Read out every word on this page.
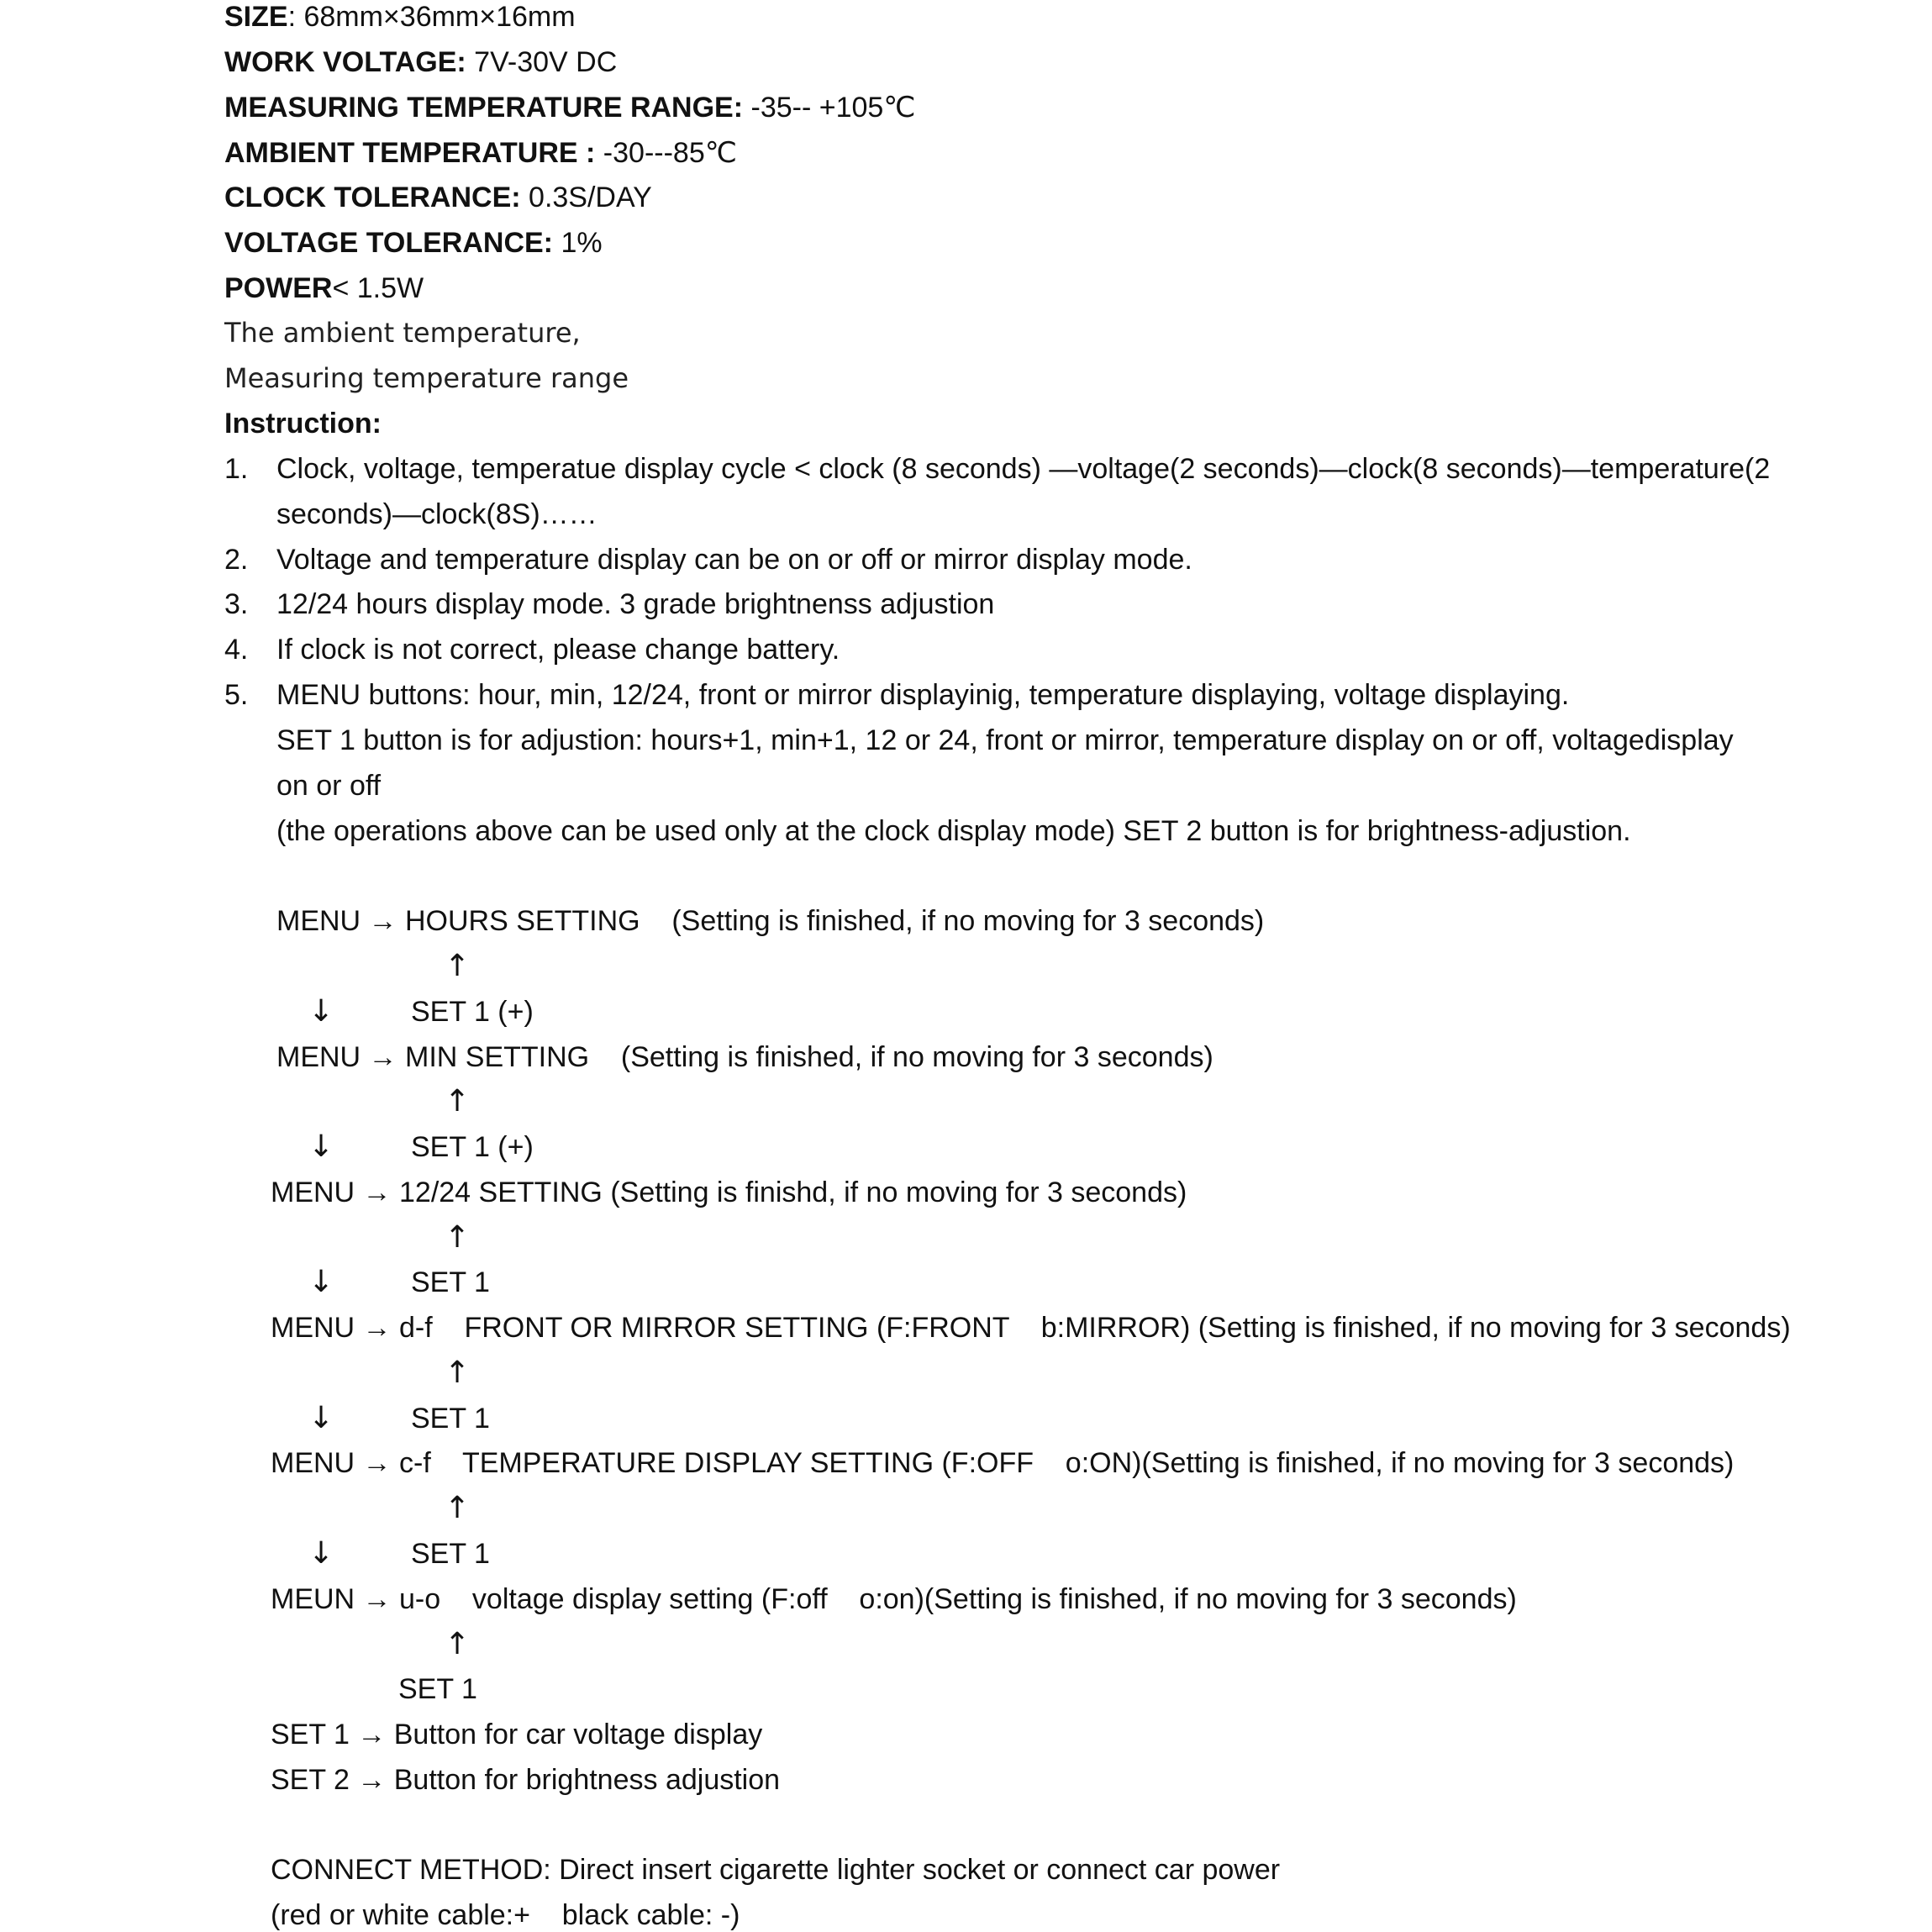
SIZE: 68mm×36mm×16mm
WORK VOLTAGE: 7V-30V DC
MEASURING TEMPERATURE RANGE: -35-- +105℃
AMBIENT TEMPERATURE : -30---85℃
CLOCK TOLERANCE: 0.3S/DAY
VOLTAGE TOLERANCE: 1%
POWER< 1.5W
The ambient temperature,
Measuring temperature range
Instruction:
1. Clock, voltage, temperatue display cycle < clock (8 seconds) —voltage(2 seconds)—clock(8 seconds)—temperature(2
seconds)—clock(8S)……
2. Voltage and temperature display can be on or off or mirror display mode.
3. 12/24 hours display mode. 3 grade brightnenss adjustion
4. If clock is not correct, please change battery.
5. MENU buttons: hour, min, 12/24, front or mirror displayinig, temperature displaying, voltage displaying.
SET 1 button is for adjustion: hours+1, min+1, 12 or 24, front or mirror, temperature display on or off, voltagedisplay
on or off
(the operations above can be used only at the clock display mode) SET 2 button is for brightness-adjustion.
MENU → HOURS SETTING    (Setting is finished, if no moving for 3 seconds)
↑
↓	SET 1 (+)
MENU → MIN SETTING    (Setting is finished, if no moving for 3 seconds)
↑
↓	SET 1 (+)
MENU → 12/24 SETTING (Setting is finishd, if no moving for 3 seconds)
↑
↓	SET 1
MENU → d-f    FRONT OR MIRROR SETTING (F:FRONT    b:MIRROR) (Setting is finished, if no moving for 3 seconds)
↑
↓	SET 1
MENU → c-f    TEMPERATURE DISPLAY SETTING (F:OFF    o:ON)(Setting is finished, if no moving for 3 seconds)
↑
↓	SET 1
MEUN → u-o    voltage display setting (F:off    o:on)(Setting is finished, if no moving for 3 seconds)
↑
SET 1
SET 1 → Button for car voltage display
SET 2 → Button for brightness adjustion
CONNECT METHOD: Direct insert cigarette lighter socket or connect car power
(red or white cable:+    black cable: -)
